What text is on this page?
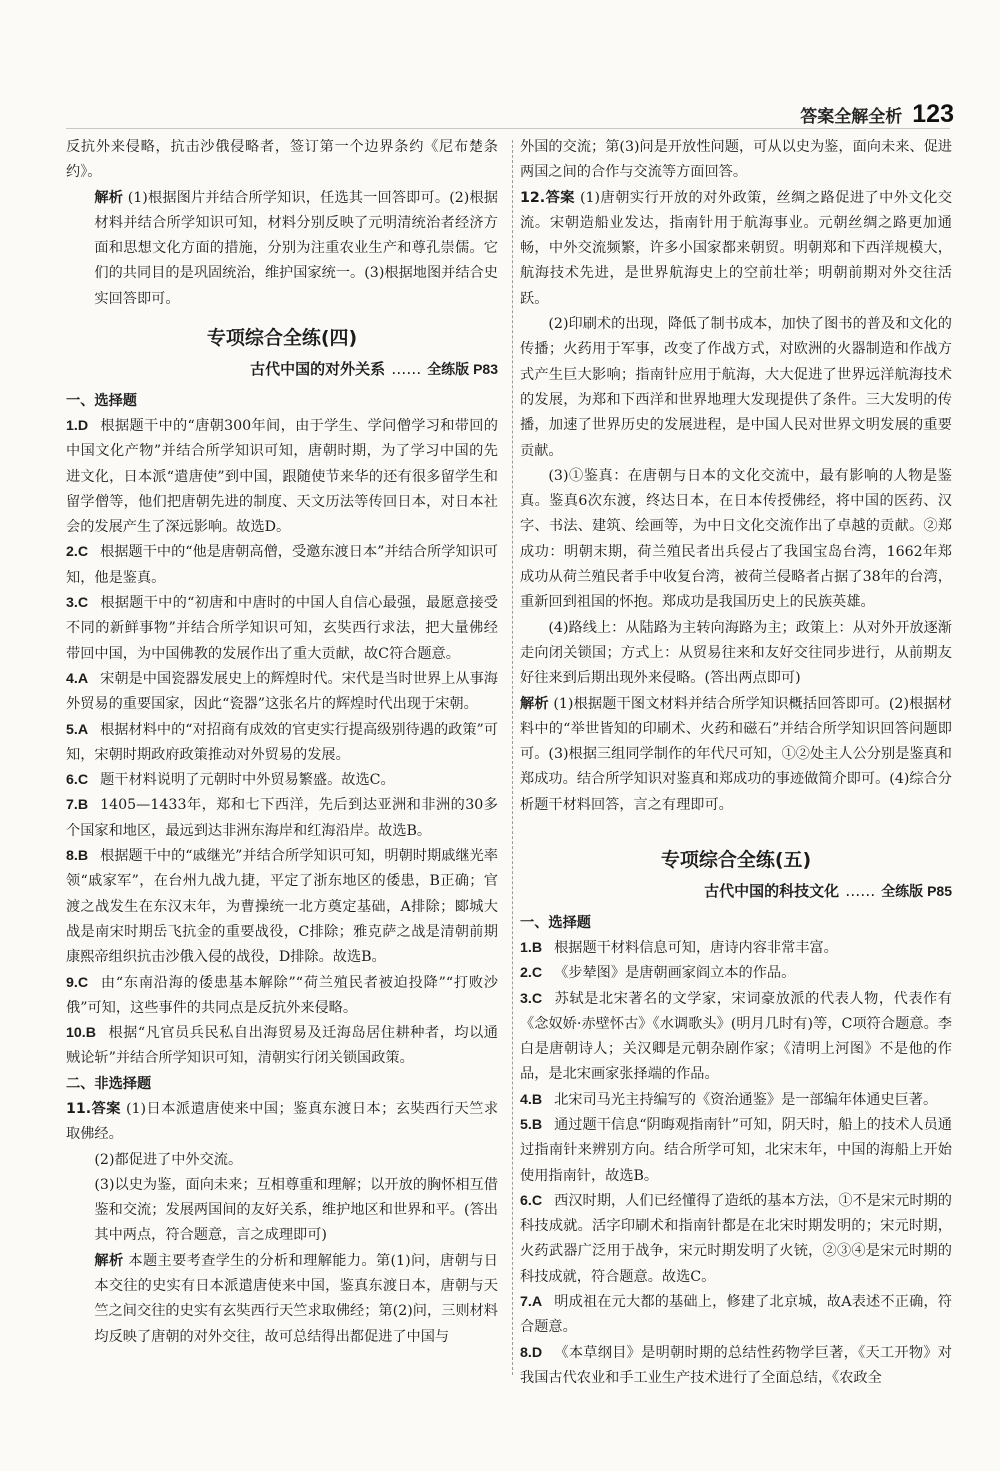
答案全解全析 123

反抗外来侵略，抗击沙俄侵略者，签订第一个边界条约《尼布楚条约》。

解析 (1)根据图片并结合所学知识，任选其一回答即可。(2)根据材料并结合所学知识可知，材料分别反映了元明清统治者经济方面和思想文化方面的措施，分别为注重农业生产和尊孔崇儒。它们的共同目的是巩固统治，维护国家统一。(3)根据地图并结合史实回答即可。

专项综合全练(四)
古代中国的对外关系 …… 全练版 P83

一、选择题

1.D 根据题干中的“唐朝300年间，由于学生、学问僧学习和带回的中国文化产物”并结合所学知识可知，唐朝时期，为了学习中国的先进文化，日本派“遣唐使”到中国，跟随使节来华的还有很多留学生和留学僧等，他们把唐朝先进的制度、天文历法等传回日本，对日本社会的发展产生了深远影响。故选D。

2.C 根据题干中的“他是唐朝高僧，受邀东渡日本”并结合所学知识可知，他是鉴真。

3.C 根据题干中的“初唐和中唐时的中国人自信心最强，最愿意接受不同的新鲜事物”并结合所学知识可知，玄奘西行求法，把大量佛经带回中国，为中国佛教的发展作出了重大贡献，故C符合题意。

4.A 宋朝是中国瓷器发展史上的辉煌时代。宋代是当时世界上从事海外贸易的重要国家，因此“瓷器”这张名片的辉煌时代出现于宋朝。

5.A 根据材料中的“对招商有成效的官吏实行提高级别待遇的政策”可知，宋朝时期政府政策推动对外贸易的发展。

6.C 题干材料说明了元朝时中外贸易繁盛。故选C。

7.B 1405—1433年，郑和七下西洋，先后到达亚洲和非洲的30多个国家和地区，最远到达非洲东海岸和红海沿岸。故选B。

8.B 根据题干中的“戚继光”并结合所学知识可知，明朝时期戚继光率领“戚家军”，在台州九战九捷，平定了浙东地区的倭患，B正确；官渡之战发生在东汉末年，为曹操统一北方奠定基础，A排除；郾城大战是南宋时期岳飞抗金的重要战役，C排除；雅克萨之战是清朝前期康熙帝组织抗击沙俄入侵的战役，D排除。故选B。

9.C 由“东南沿海的倭患基本解除”“荷兰殖民者被迫投降”“打败沙俄”可知，这些事件的共同点是反抗外来侵略。

10.B 根据“凡官员兵民私自出海贸易及迁海岛居住耕种者，均以通贼论斩”并结合所学知识可知，清朝实行闭关锁国政策。

二、非选择题

11.答案 (1)日本派遣唐使来中国；鉴真东渡日本；玄奘西行天竺求取佛经。

(2)都促进了中外交流。

(3)以史为鉴，面向未来；互相尊重和理解；以开放的胸怀相互借鉴和交流；发展两国间的友好关系，维护地区和世界和平。(答出其中两点，符合题意，言之成理即可)

解析 本题主要考查学生的分析和理解能力。第(1)问，唐朝与日本交往的史实有日本派遣唐使来中国，鉴真东渡日本，唐朝与天竺之间交往的史实有玄奘西行天竺求取佛经；第(2)问，三则材料均反映了唐朝的对外交往，故可总结得出都促进了中国与

外国的交流；第(3)问是开放性问题，可从以史为鉴，面向未来、促进两国之间的合作与交流等方面回答。

12.答案 (1)唐朝实行开放的对外政策，丝绸之路促进了中外文化交流。宋朝造船业发达，指南针用于航海事业。元朝丝绸之路更加通畅，中外交流频繁，许多小国家都来朝贸。明朝郑和下西洋规模大，航海技术先进，是世界航海史上的空前壮举；明朝前期对外交往活跃。

(2)印刷术的出现，降低了制书成本，加快了图书的普及和文化的传播；火药用于军事，改变了作战方式，对欧洲的火器制造和作战方式产生巨大影响；指南针应用于航海，大大促进了世界远洋航海技术的发展，为郑和下西洋和世界地理大发现提供了条件。三大发明的传播，加速了世界历史的发展进程，是中国人民对世界文明发展的重要贡献。

(3)①鉴真：在唐朝与日本的文化交流中，最有影响的人物是鉴真。鉴真6次东渡，终达日本，在日本传授佛经，将中国的医药、汉字、书法、建筑、绘画等，为中日文化交流作出了卓越的贡献。②郑成功：明朝末期，荷兰殖民者出兵侵占了我国宝岛台湾，1662年郑成功从荷兰殖民者手中收复台湾，被荷兰侵略者占据了38年的台湾，重新回到祖国的怀抱。郑成功是我国历史上的民族英雄。

(4)路线上：从陆路为主转向海路为主；政策上：从对外开放逐渐走向闭关锁国；方式上：从贸易往来和友好交往同步进行，从前期友好往来到后期出现外来侵略。(答出两点即可)

解析 (1)根据题干图文材料并结合所学知识概括回答即可。(2)根据材料中的“举世皆知的印刷术、火药和磁石”并结合所学知识回答问题即可。(3)根据三组同学制作的年代尺可知，①②处主人公分别是鉴真和郑成功。结合所学知识对鉴真和郑成功的事迹做简介即可。(4)综合分析题干材料回答，言之有理即可。

专项综合全练(五)
古代中国的科技文化 …… 全练版 P85

一、选择题

1.B 根据题干材料信息可知，唐诗内容非常丰富。

2.C 《步辇图》是唐朝画家阎立本的作品。

3.C 苏轼是北宋著名的文学家，宋词豪放派的代表人物，代表作有《念奴娇·赤壁怀古》《水调歌头》(明月几时有)等，C项符合题意。李白是唐朝诗人；关汉卿是元朝杂剧作家；《清明上河图》不是他的作品，是北宋画家张择端的作品。

4.B 北宋司马光主持编写的《资治通鉴》是一部编年体通史巨著。

5.B 通过题干信息“阴晦观指南针”可知，阴天时，船上的技术人员通过指南针来辨别方向。结合所学可知，北宋末年，中国的海船上开始使用指南针，故选B。

6.C 西汉时期，人们已经懂得了造纸的基本方法，①不是宋元时期的科技成就。活字印刷术和指南针都是在北宋时期发明的；宋元时期，火药武器广泛用于战争，宋元时期发明了火铳，②③④是宋元时期的科技成就，符合题意。故选C。

7.A 明成祖在元大都的基础上，修建了北京城，故A表述不正确，符合题意。

8.D 《本草纲目》是明朝时期的总结性药物学巨著，《天工开物》对我国古代农业和手工业生产技术进行了全面总结，《农政全
